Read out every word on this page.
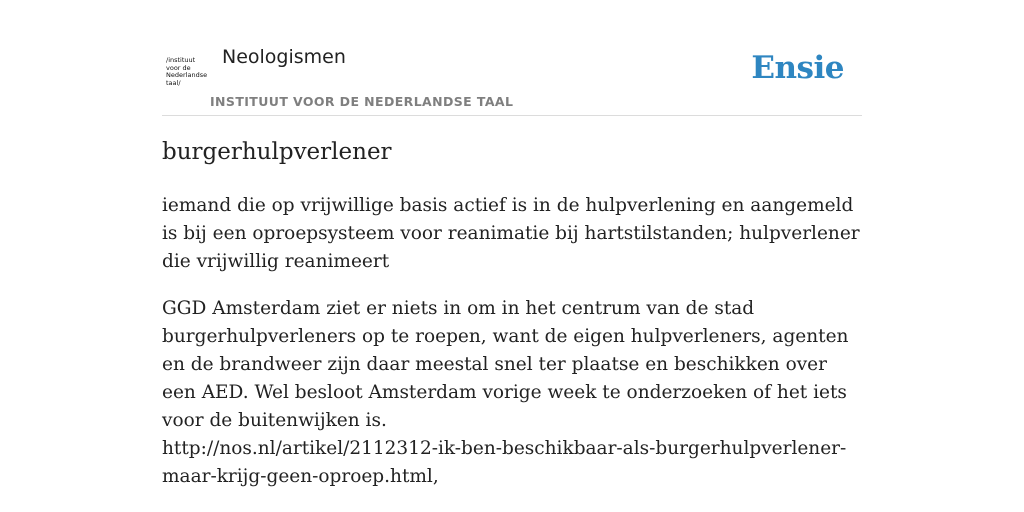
/instituut
voor de
Nederlandse
taal/
Neologismen
INSTITUUT VOOR DE NEDERLANDSE TAAL
Ensie
burgerhulpverlener

iemand die op vrijwillige basis actief is in de hulpverlening en aangemeld is bij een oproepsysteem voor reanimatie bij hartstilstanden; hulpverlener die vrijwillig reanimeert

GGD Amsterdam ziet er niets in om in het centrum van de stad burgerhulpverleners op te roepen, want de eigen hulpverleners, agenten en de brandweer zijn daar meestal snel ter plaatse en beschikken over een AED. Wel besloot Amsterdam vorige week te onderzoeken of het iets voor de buitenwijken is.
http://nos.nl/artikel/2112312-ik-ben-beschikbaar-als-burgerhulpverlener-maar-krijg-geen-oproep.html,
